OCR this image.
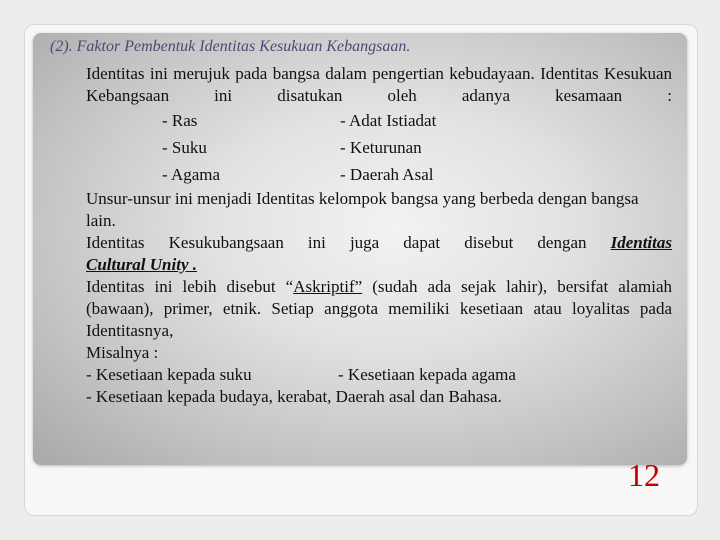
(2). Faktor Pembentuk Identitas Kesukuan Kebangsaan.

Identitas ini merujuk pada bangsa dalam pengertian kebudayaan. Identitas Kesukuan Kebangsaan ini disatukan oleh adanya kesamaan :

- Ras	- Adat Istiadat
- Suku	- Keturunan
- Agama	- Daerah Asal

Unsur-unsur ini menjadi Identitas kelompok bangsa yang berbeda dengan bangsa lain.

Identitas Kesukubangsaan ini juga dapat disebut dengan Identitas

Cultural Unity .

Identitas ini lebih disebut “Askriptif” (sudah ada sejak lahir), bersifat alamiah (bawaan), primer, etnik. Setiap anggota memiliki kesetiaan atau loyalitas pada Identitasnya,

Misalnya :

- Kesetiaan kepada suku	- Kesetiaan kepada agama

- Kesetiaan kepada budaya, kerabat, Daerah asal dan Bahasa.

12
